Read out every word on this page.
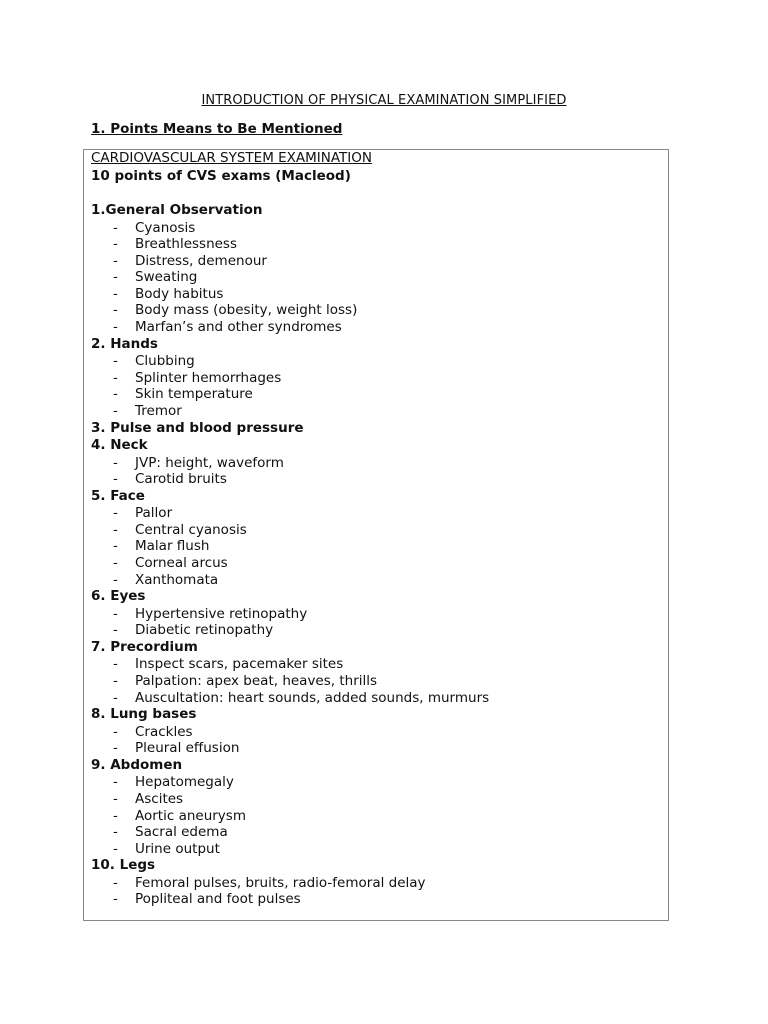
INTRODUCTION OF PHYSICAL EXAMINATION SIMPLIFIED
1. Points Means to Be Mentioned
CARDIOVASCULAR SYSTEM EXAMINATION
10 points of CVS exams (Macleod)
1.General Observation
- Cyanosis
- Breathlessness
- Distress, demenour
- Sweating
- Body habitus
- Body mass (obesity, weight loss)
- Marfan’s and other syndromes
2. Hands
- Clubbing
- Splinter hemorrhages
- Skin temperature
- Tremor
3. Pulse and blood pressure
4. Neck
- JVP: height, waveform
- Carotid bruits
5. Face
- Pallor
- Central cyanosis
- Malar flush
- Corneal arcus
- Xanthomata
6. Eyes
- Hypertensive retinopathy
- Diabetic retinopathy
7. Precordium
- Inspect scars, pacemaker sites
- Palpation: apex beat, heaves, thrills
- Auscultation: heart sounds, added sounds, murmurs
8. Lung bases
- Crackles
- Pleural effusion
9. Abdomen
- Hepatomegaly
- Ascites
- Aortic aneurysm
- Sacral edema
- Urine output
10. Legs
- Femoral pulses, bruits, radio-femoral delay
- Popliteal and foot pulses
